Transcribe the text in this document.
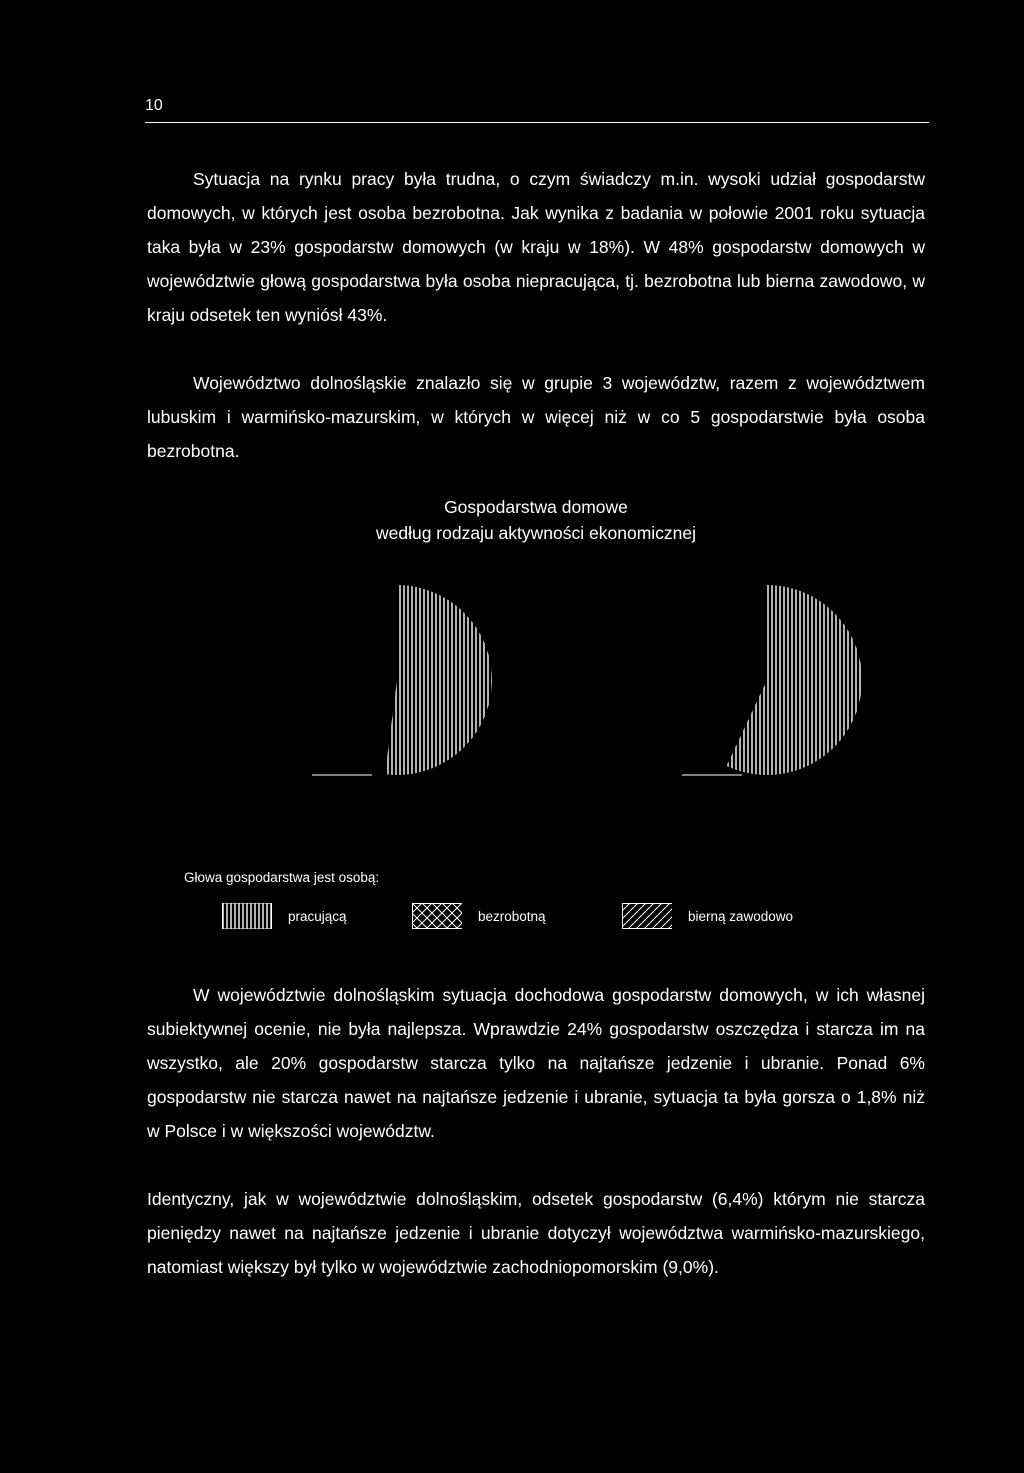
10

Sytuacja na rynku pracy była trudna, o czym świadczy m.in. wysoki udział gospodarstw domowych, w których jest osoba bezrobotna. Jak wynika z badania w połowie 2001 roku sytuacja taka była w 23% gospodarstw domowych (w kraju w 18%). W 48% gospodarstw domowych w województwie głową gospodarstwa była osoba niepracująca, tj. bezrobotna lub bierna zawodowo, w kraju odsetek ten wyniósł 43%.

Województwo dolnośląskie znalazło się w grupie 3 województw, razem z województwem lubuskim i warmińsko-mazurskim, w których w więcej niż w co 5 gospodarstwie była osoba bezrobotna.

Gospodarstwa domowe
według rodzaju aktywności ekonomicznej
Głowa gospodarstwa jest osobą:
pracującą	bezrobotną	bierną zawodowo

W województwie dolnośląskim sytuacja dochodowa gospodarstw domowych, w ich własnej subiektywnej ocenie, nie była najlepsza. Wprawdzie 24% gospodarstw oszczędza i starcza im na wszystko, ale 20% gospodarstw starcza tylko na najtańsze jedzenie i ubranie. Ponad 6% gospodarstw nie starcza nawet na najtańsze jedzenie i ubranie, sytuacja ta była gorsza o 1,8% niż w Polsce i w większości województw.

Identyczny, jak w województwie dolnośląskim, odsetek gospodarstw (6,4%) którym nie starcza pieniędzy nawet na najtańsze jedzenie i ubranie dotyczył województwa warmińsko-mazurskiego, natomiast większy był tylko w województwie zachodniopomorskim (9,0%).
